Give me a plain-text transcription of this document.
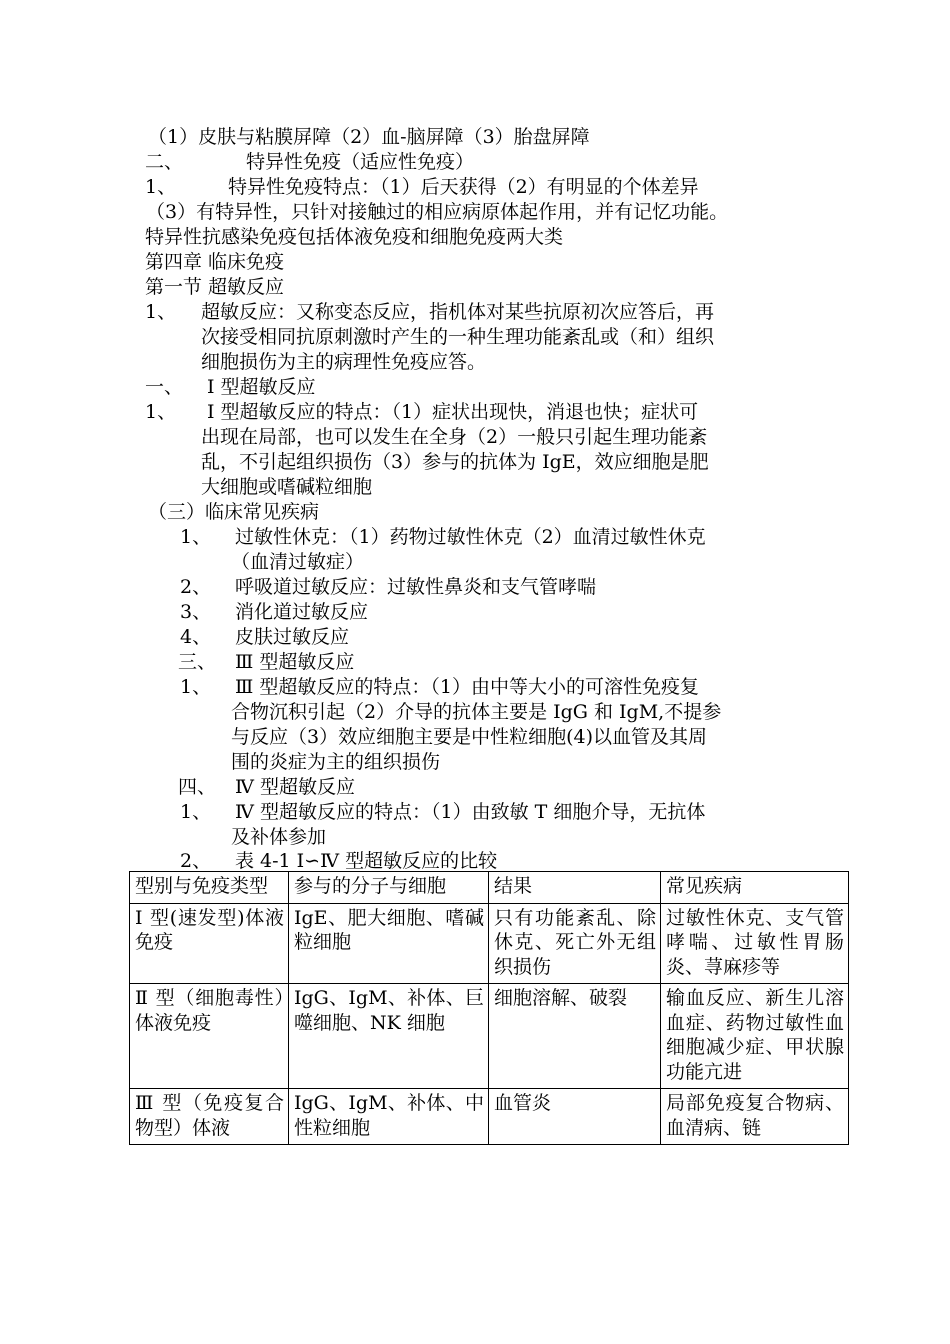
（1）皮肤与粘膜屏障（2）血-脑屏障（3）胎盘屏障
二、	特异性免疫（适应性免疫）
1、	特异性免疫特点：（1）后天获得（2）有明显的个体差异
（3）有特异性，只针对接触过的相应病原体起作用，并有记忆功能。
特异性抗感染免疫包括体液免疫和细胞免疫两大类
第四章 临床免疫
第一节 超敏反应
1、 超敏反应：又称变态反应，指机体对某些抗原初次应答后，再
次接受相同抗原刺激时产生的一种生理功能紊乱或（和）组织
细胞损伤为主的病理性免疫应答。
一、 Ⅰ 型超敏反应
1、 Ⅰ 型超敏反应的特点：（1）症状出现快，消退也快；症状可
出现在局部，也可以发生在全身（2）一般只引起生理功能紊
乱，不引起组织损伤（3）参与的抗体为 IgE，效应细胞是肥
大细胞或嗜碱粒细胞
（三）临床常见疾病
1、 过敏性休克：（1）药物过敏性休克（2）血清过敏性休克
（血清过敏症）
2、 呼吸道过敏反应：过敏性鼻炎和支气管哮喘
3、 消化道过敏反应
4、 皮肤过敏反应
三、 Ⅲ 型超敏反应
1、 Ⅲ 型超敏反应的特点：（1）由中等大小的可溶性免疫复
合物沉积引起（2）介导的抗体主要是 IgG 和 IgM,不提参
与反应（3）效应细胞主要是中性粒细胞(4)以血管及其周
围的炎症为主的组织损伤
四、 Ⅳ 型超敏反应
1、 Ⅳ 型超敏反应的特点：（1）由致敏 T 细胞介导，无抗体
及补体参加
2、 表 4-1 Ⅰ∽Ⅳ 型超敏反应的比较
型别与免疫类型	参与的分子与细胞	结果	常见疾病
Ⅰ 型(速发型)体液免疫	IgE、肥大细胞、嗜碱粒细胞	只有功能紊乱、除休克、死亡外无组织损伤	过敏性休克、支气管哮喘、过敏性胃肠炎、荨麻疹等
Ⅱ 型（细胞毒性）体液免疫	IgG、IgM、补体、巨噬细胞、NK 细胞	细胞溶解、破裂	输血反应、新生儿溶血症、药物过敏性血细胞减少症、甲状腺功能亢进
Ⅲ 型（免疫复合物型）体液	IgG、IgM、补体、中性粒细胞	血管炎	局部免疫复合物病、血清病、链
